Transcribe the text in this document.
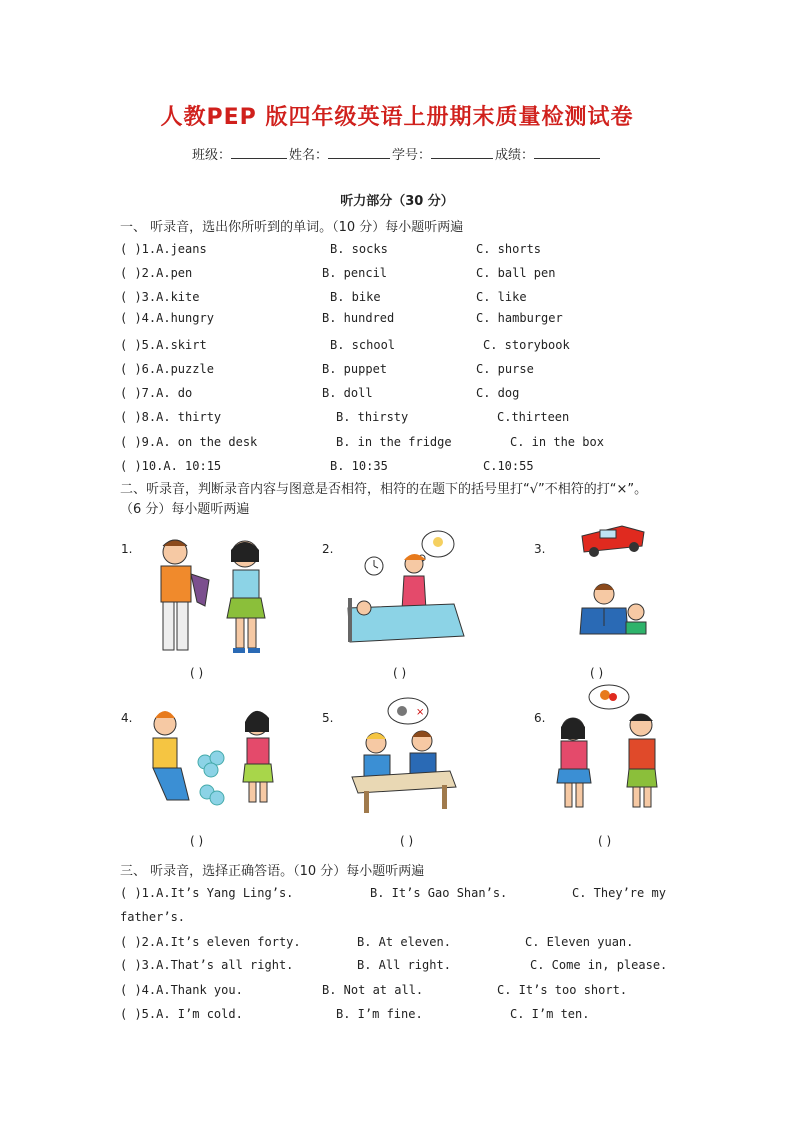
人教PEP 版四年级英语上册期末质量检测试卷
班级：	姓名：	学号：	成绩：
听力部分（30 分）
一、 听录音，选出你所听到的单词。（10 分）每小题听两遍
( )1.A.jeans	B. socks	C. shorts
( )2.A.pen	B. pencil	C. ball pen
( )3.A.kite	B. bike	C. like
( )4.A.hungry	B. hundred	C. hamburger
( )5.A.skirt	B. school	C. storybook
( )6.A.puzzle	B. puppet	C. purse
( )7.A. do	B. doll	C. dog
( )8.A. thirty	B. thirsty	C.thirteen
( )9.A. on the desk	B. in the fridge	C. in the box
( )10.A. 10:15	B. 10:35	C.10:55
二、听录音，判断录音内容与图意是否相符，相符的在题下的括号里打“√”不相符的打“×”。
（6 分）每小题听两遍
1.	2.	3.
4.	5.	6.
×
( )	( )	( )
( )	( )	( )
三、 听录音，选择正确答语。（10 分）每小题听两遍
( )1.A.It’s Yang Ling’s.	B. It’s Gao Shan’s.	C. They’re my
father’s.
( )2.A.It’s eleven forty.	B. At eleven.	C. Eleven yuan.
( )3.A.That’s all right.	B. All right.	C. Come in, please.
( )4.A.Thank you.	B. Not at all.	C. It’s too short.
( )5.A. I’m cold.	B. I’m fine.	C. I’m ten.
